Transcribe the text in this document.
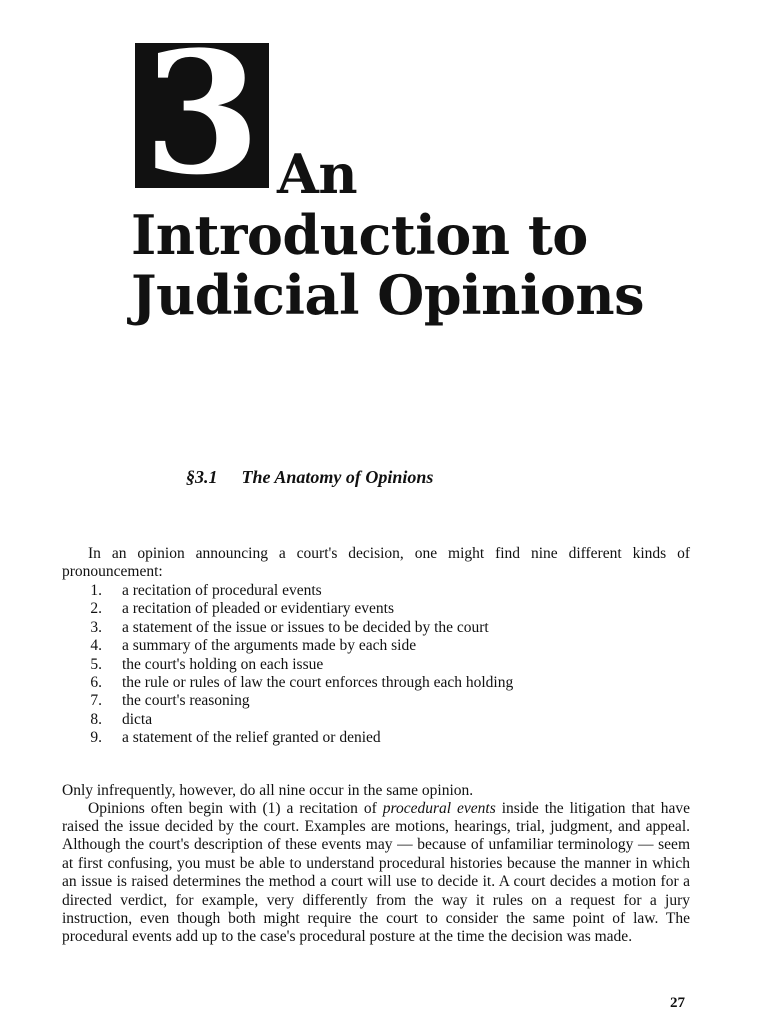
3 An
Introduction to
Judicial Opinions
§3.1 The Anatomy of Opinions

In an opinion announcing a court's decision, one might find nine different kinds of pronouncement:

1. a recitation of procedural events
2. a recitation of pleaded or evidentiary events
3. a statement of the issue or issues to be decided by the court
4. a summary of the arguments made by each side
5. the court's holding on each issue
6. the rule or rules of law the court enforces through each holding
7. the court's reasoning
8. dicta
9. a statement of the relief granted or denied

Only infrequently, however, do all nine occur in the same opinion.

Opinions often begin with (1) a recitation of procedural events inside the litigation that have raised the issue decided by the court. Examples are motions, hearings, trial, judgment, and appeal. Although the court's description of these events may — because of unfamiliar terminology — seem at first confusing, you must be able to understand procedural histories because the manner in which an issue is raised determines the method a court will use to decide it. A court decides a motion for a directed verdict, for example, very differently from the way it rules on a request for a jury instruction, even though both might require the court to consider the same point of law. The procedural events add up to the case's procedural posture at the time the decision was made.

27
